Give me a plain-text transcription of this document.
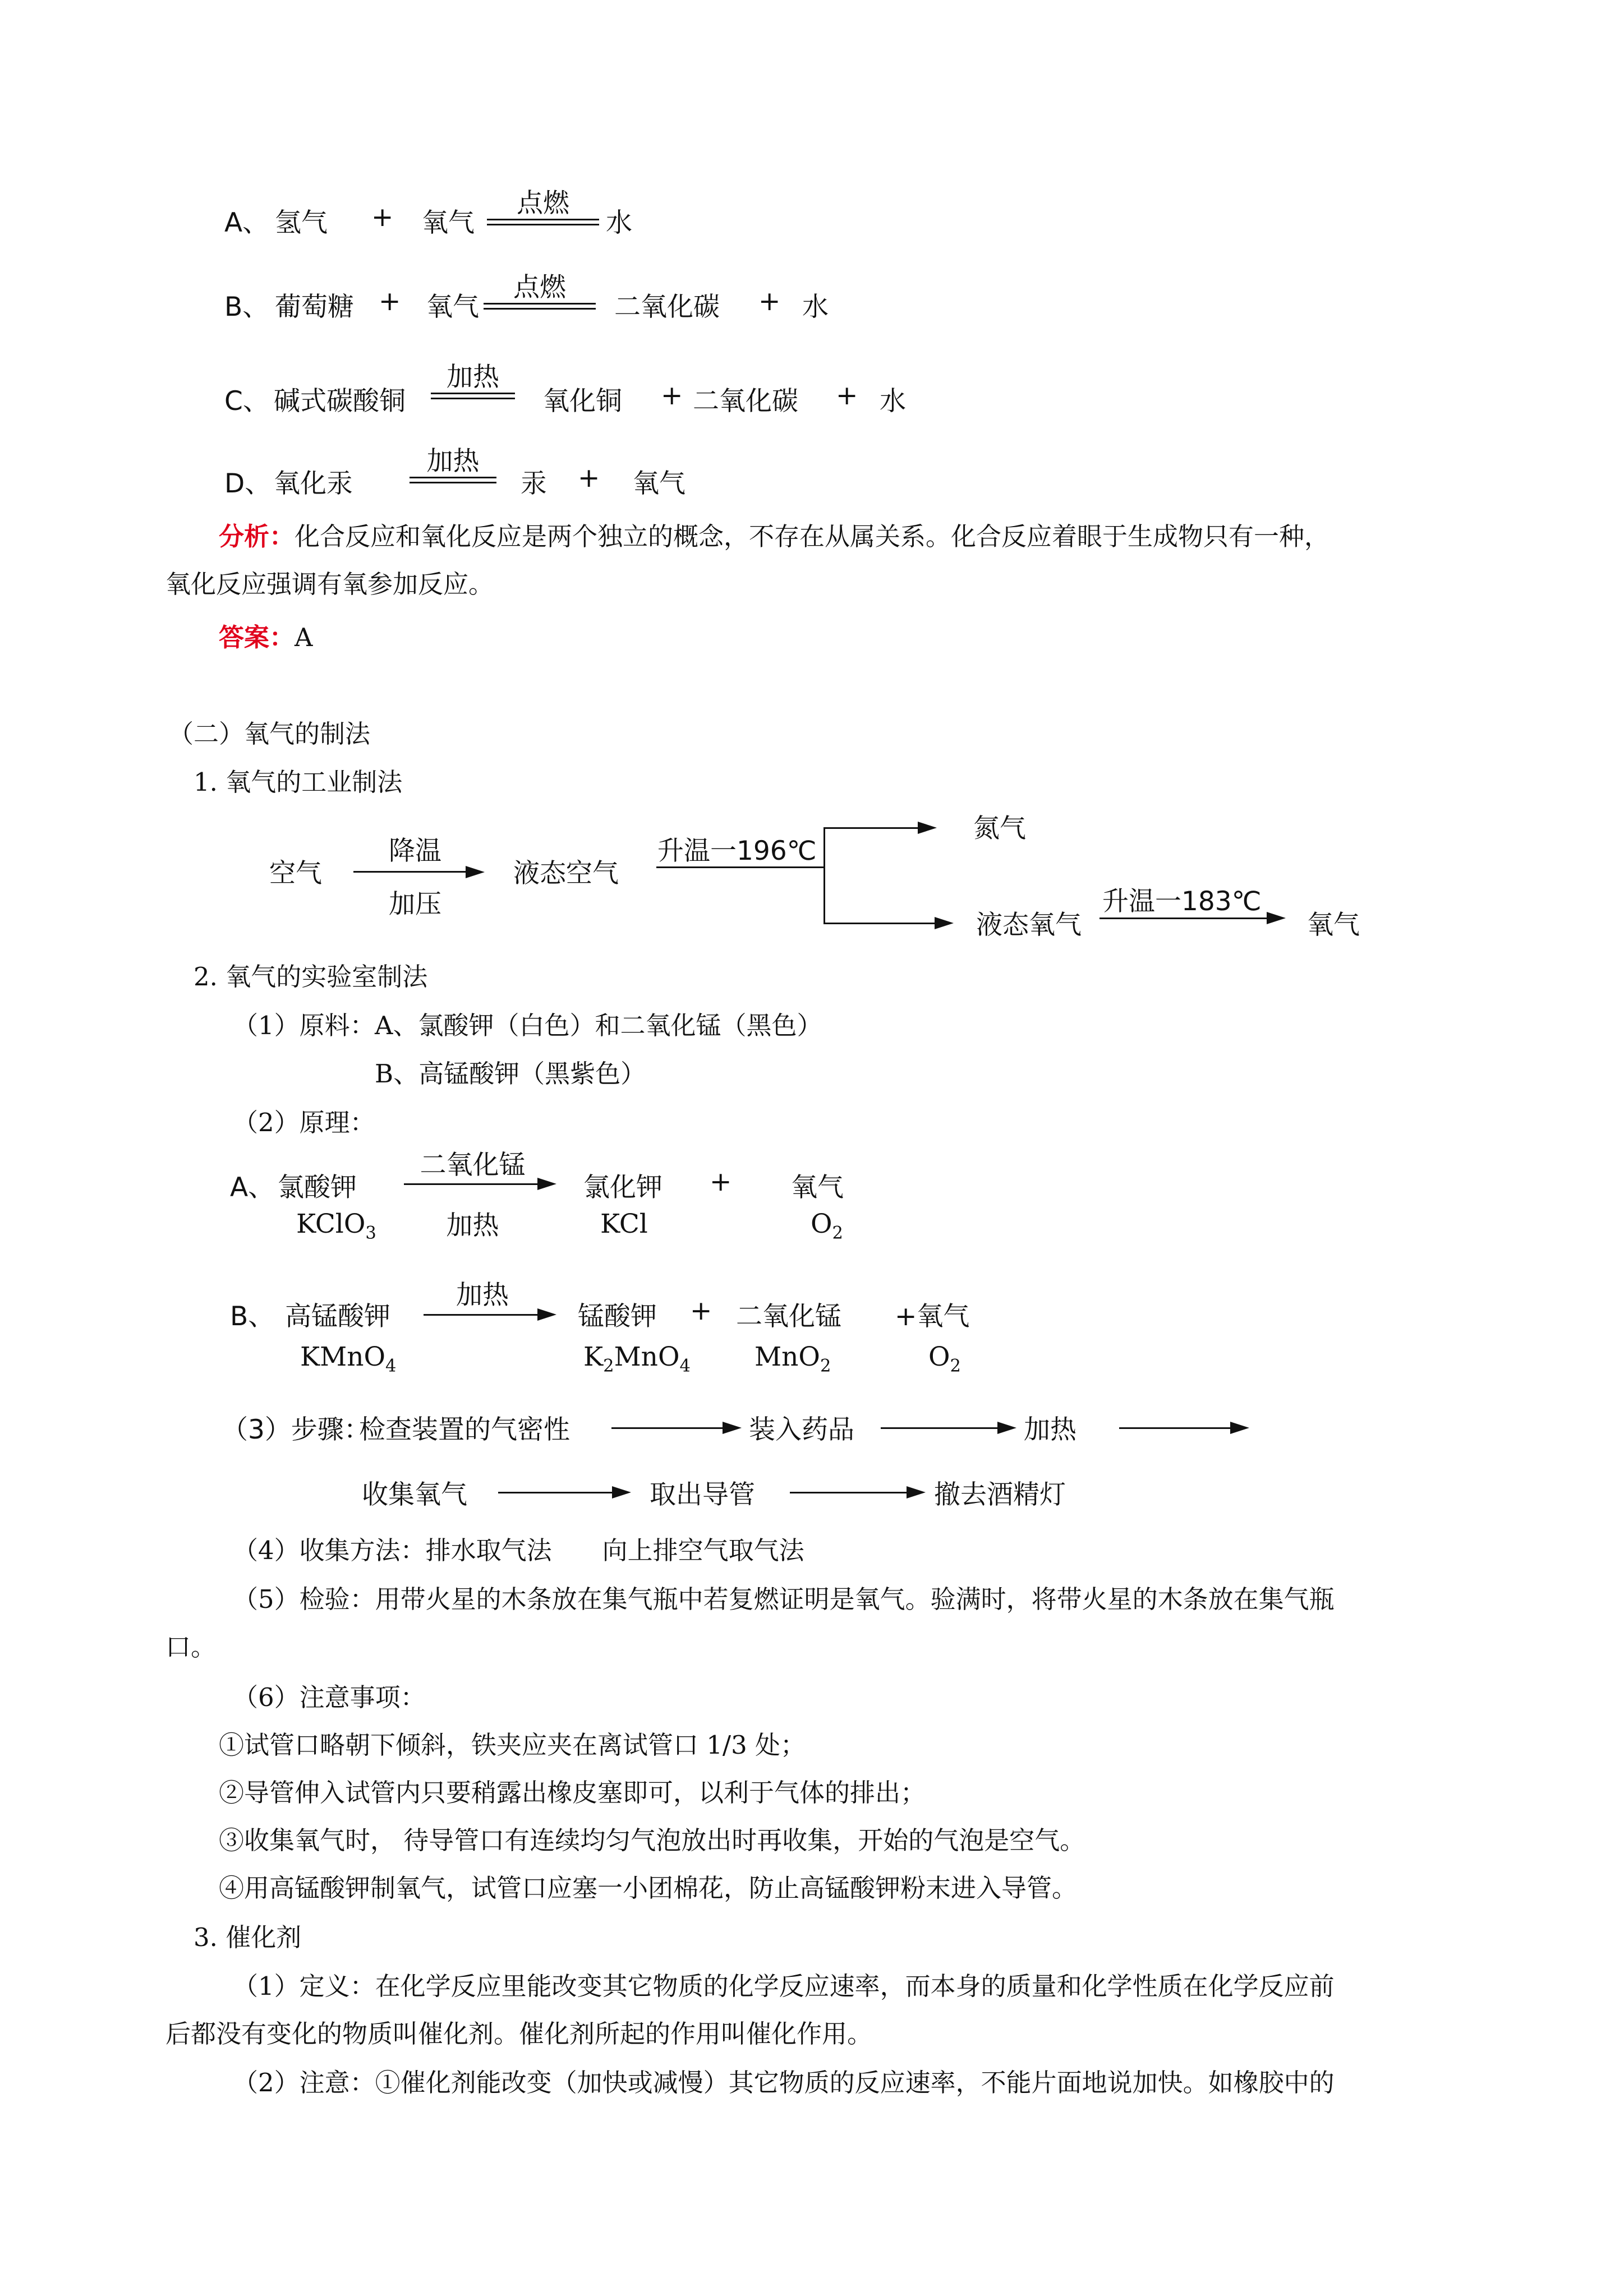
A、 氢气 + 氧气
点燃
水
B、 葡萄糖 + 氧气
点燃
二氧化碳 + 水
C、 碱式碳酸铜
加热
氧化铜 + 二氧化碳 + 水
D、 氧化汞
加热
汞 + 氧气
分析：化合反应和氧化反应是两个独立的概念，不存在从属关系。化合反应着眼于生成物只有一种，
氧化反应强调有氧参加反应。
答案：A
（二）氧气的制法
1. 氧气的工业制法
空气
降温
加压
液态空气
升温一196℃
氮气
液态氧气
升温一183℃
氧气
2. 氧气的实验室制法
（1）原料： A、氯酸钾（白色）和二氧化锰（黑色）
B、高锰酸钾（黑紫色）
（2）原理：
A、 氯酸钾
二氧化锰
加热
氯化钾 + 氧气
KClO$_3$	KCl	$O_2$
B、 高锰酸钾
加热
锰酸钾 + 二氧化锰 +氧气
KMnO$_4$	$K_2MnO_4$ MnO$_2$	$O_2$
（3）步骤：
检查装置的气密性	装入药品	加热
收集氧气	取出导管	撤去酒精灯
（4）收集方法：排水取气法　　向上排空气取气法
（5）检验：用带火星的木条放在集气瓶中若复燃证明是氧气。验满时，将带火星的木条放在集气瓶
口。
（6）注意事项：
①试管口略朝下倾斜，铁夹应夹在离试管口 1/3 处；
②导管伸入试管内只要稍露出橡皮塞即可，以利于气体的排出；
③收集氧气时， 待导管口有连续均匀气泡放出时再收集，开始的气泡是空气。
④用高锰酸钾制氧气，试管口应塞一小团棉花，防止高锰酸钾粉末进入导管。
3. 催化剂
（1）定义：在化学反应里能改变其它物质的化学反应速率，而本身的质量和化学性质在化学反应前
后都没有变化的物质叫催化剂。催化剂所起的作用叫催化作用。
（2）注意：①催化剂能改变（加快或减慢）其它物质的反应速率，不能片面地说加快。如橡胶中的
